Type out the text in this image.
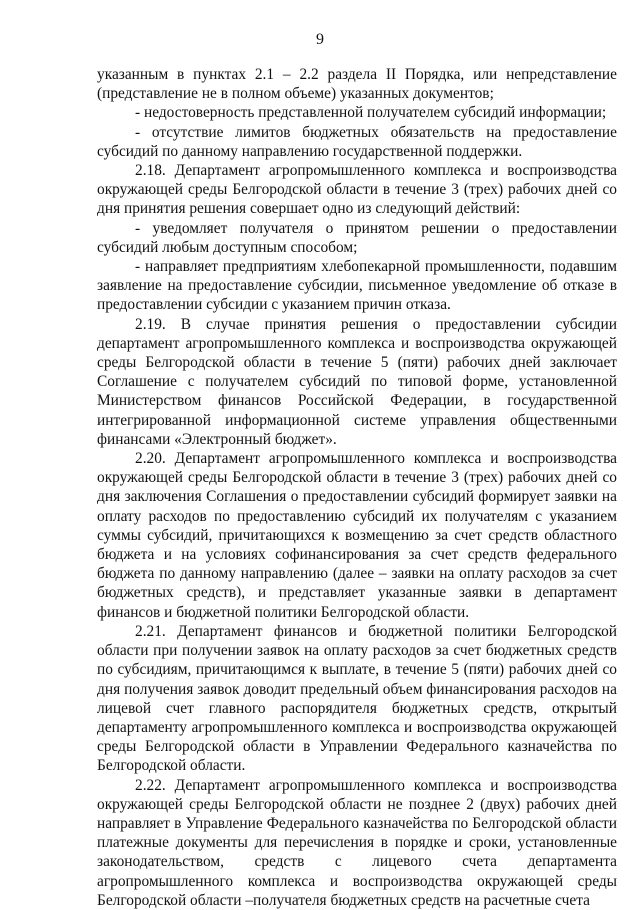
9

указанным в пунктах 2.1 – 2.2 раздела II Порядка, или непредставление (представление не в полном объеме) указанных документов;

- недостоверность представленной получателем субсидий информации;

- отсутствие лимитов бюджетных обязательств на предоставление субсидий по данному направлению государственной поддержки.

2.18. Департамент агропромышленного комплекса и воспроизводства окружающей среды Белгородской области в течение 3 (трех) рабочих дней со дня принятия решения совершает одно из следующий действий:

- уведомляет получателя о принятом решении о предоставлении субсидий любым доступным способом;

- направляет предприятиям хлебопекарной промышленности, подавшим заявление на предоставление субсидии, письменное уведомление об отказе в предоставлении субсидии с указанием причин отказа.

2.19. В случае принятия решения о предоставлении субсидии департамент агропромышленного комплекса и воспроизводства окружающей среды Белгородской области в течение 5 (пяти) рабочих дней заключает Соглашение с получателем субсидий по типовой форме, установленной Министерством финансов Российской Федерации, в государственной интегрированной информационной системе управления общественными финансами «Электронный бюджет».

2.20. Департамент агропромышленного комплекса и воспроизводства окружающей среды Белгородской области в течение 3 (трех) рабочих дней со дня заключения Соглашения о предоставлении субсидий формирует заявки на оплату расходов по предоставлению субсидий их получателям с указанием суммы субсидий, причитающихся к возмещению за счет средств областного бюджета и на условиях софинансирования за счет средств федерального бюджета по данному направлению (далее – заявки на оплату расходов за счет бюджетных средств), и представляет указанные заявки в департамент финансов и бюджетной политики Белгородской области.

2.21. Департамент финансов и бюджетной политики Белгородской области при получении заявок на оплату расходов за счет бюджетных средств по субсидиям, причитающимся к выплате, в течение 5 (пяти) рабочих дней со дня получения заявок доводит предельный объем финансирования расходов на лицевой счет главного распорядителя бюджетных средств, открытый департаменту агропромышленного комплекса и воспроизводства окружающей среды Белгородской области в Управлении Федерального казначейства по Белгородской области.

2.22. Департамент агропромышленного комплекса и воспроизводства окружающей среды Белгородской области не позднее 2 (двух) рабочих дней направляет в Управление Федерального казначейства по Белгородской области платежные документы для перечисления в порядке и сроки, установленные законодательством, средств с лицевого счета департамента агропромышленного комплекса и воспроизводства окружающей среды Белгородской области –получателя бюджетных средств на расчетные счета
